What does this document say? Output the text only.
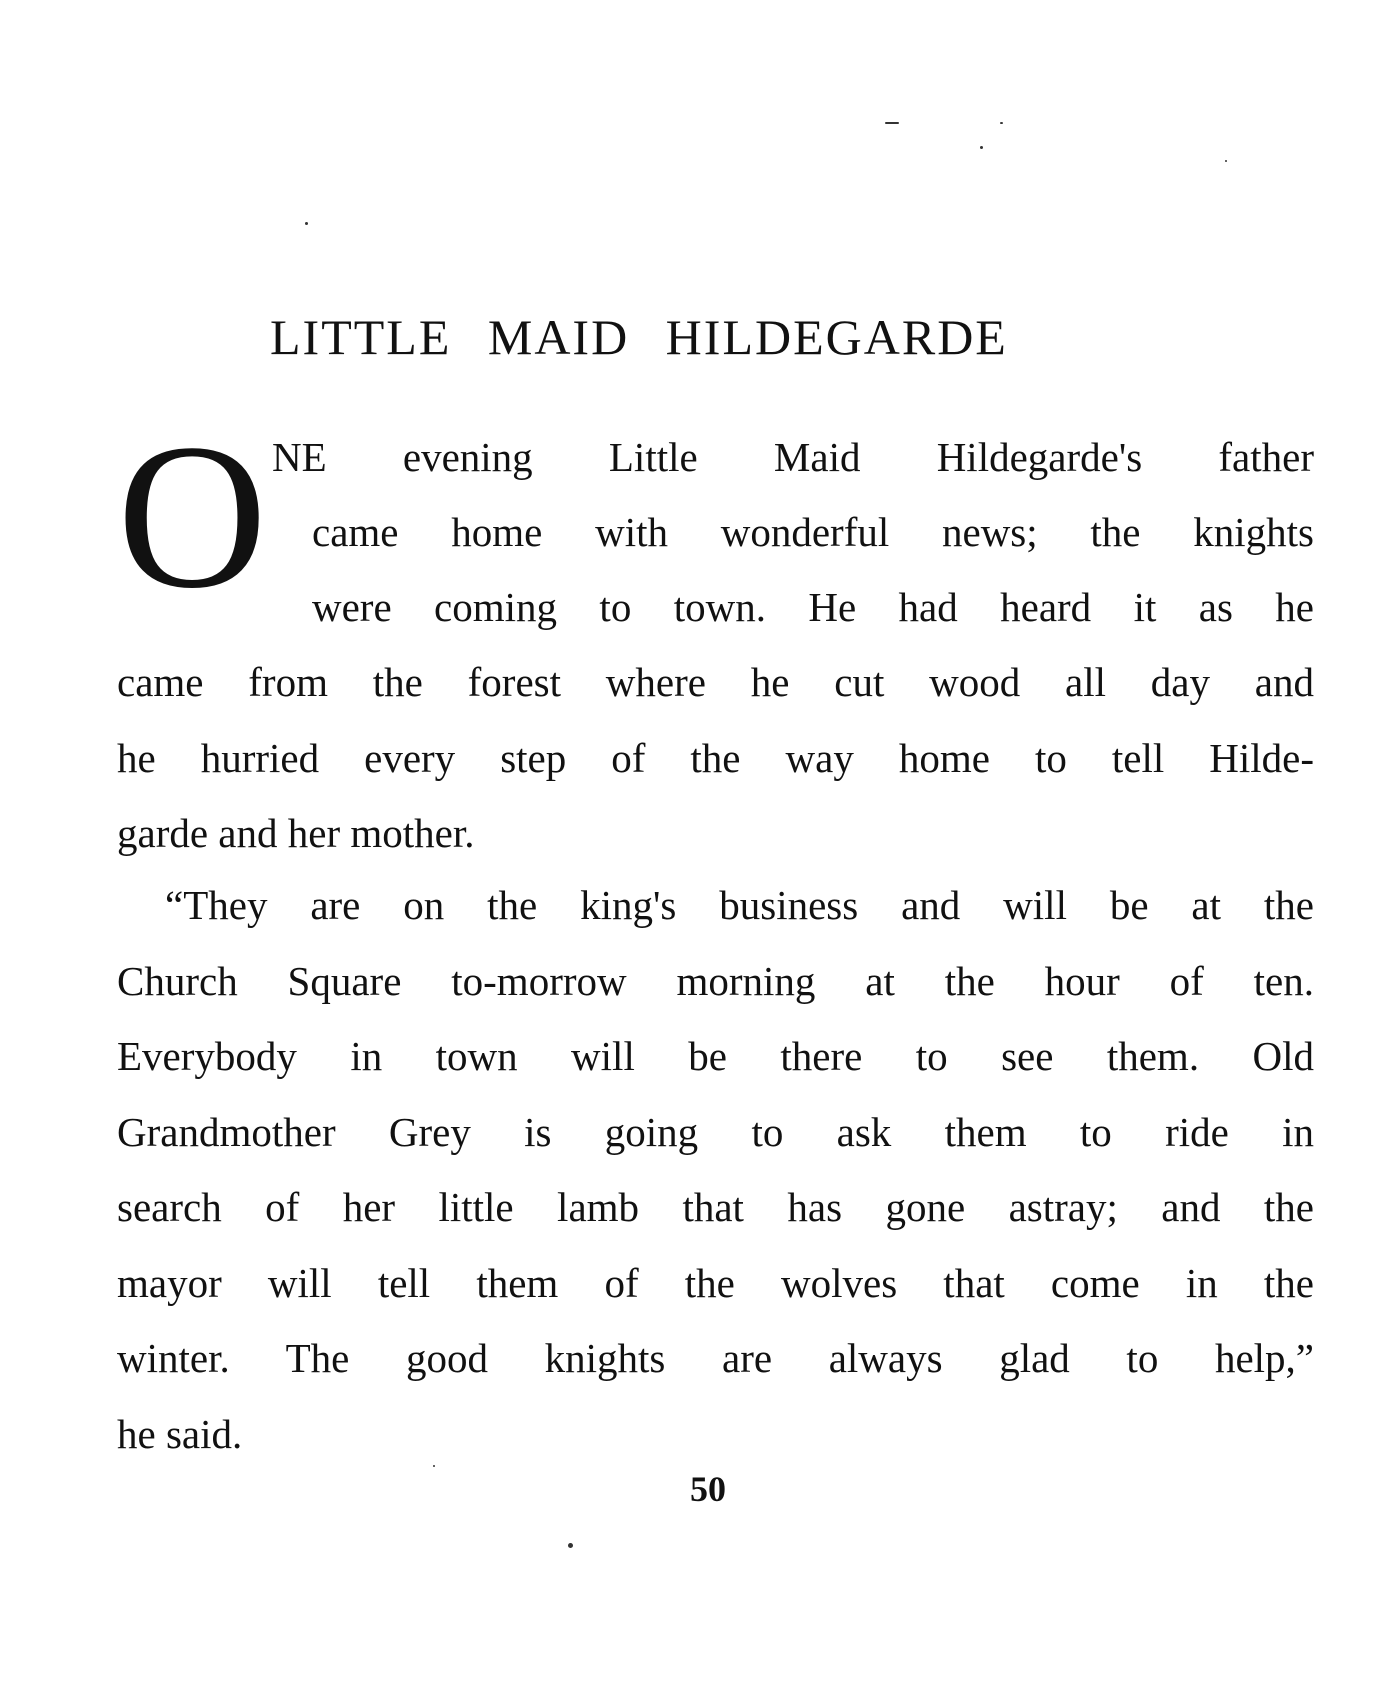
LITTLE MAID HILDEGARDE
O NE evening Little Maid Hildegarde's father
came home with wonderful news; the knights
were coming to town. He had heard it as he
came from the forest where he cut wood all day and
he hurried every step of the way home to tell Hilde-
garde and her mother.
“They are on the king's business and will be at the
Church Square to-morrow morning at the hour of ten.
Everybody in town will be there to see them. Old
Grandmother Grey is going to ask them to ride in
search of her little lamb that has gone astray; and the
mayor will tell them of the wolves that come in the
winter. The good knights are always glad to help,”
he said.
50
